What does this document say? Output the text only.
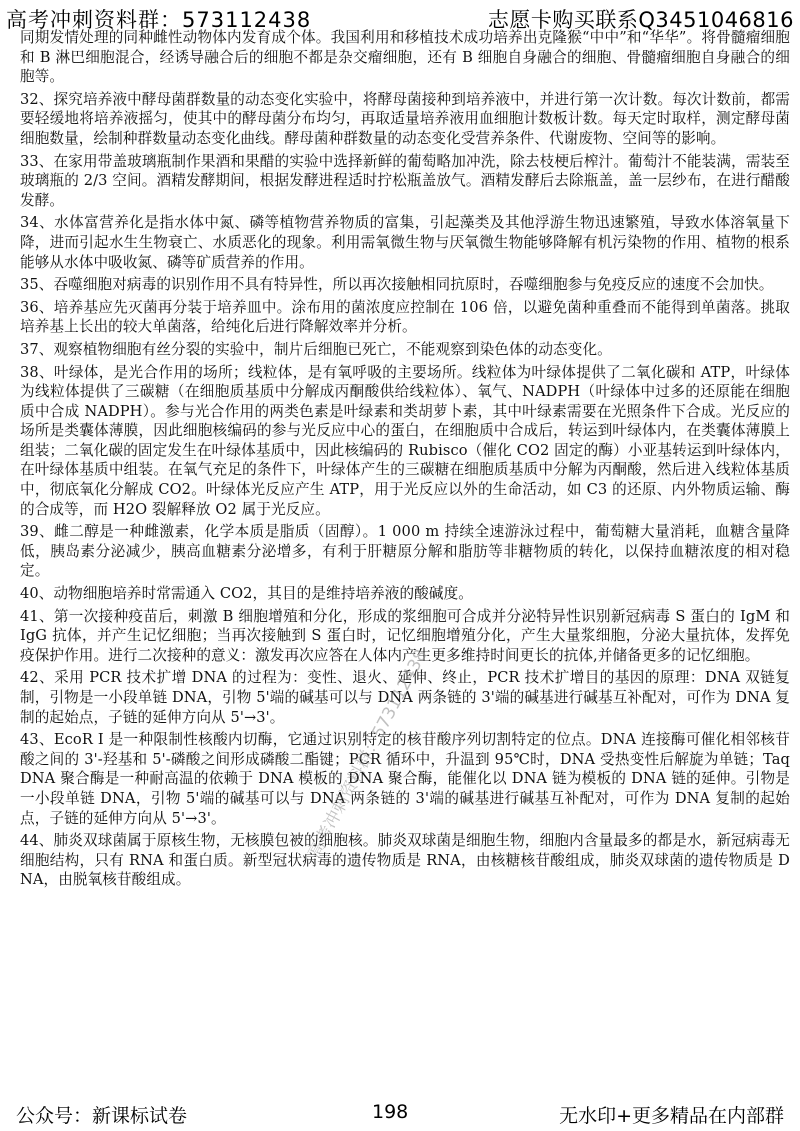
高考冲刺资料群：573112438	志愿卡购买联系Q3451046816

同期发情处理的同种雌性动物体内发育成个体。我国利用和移植技术成功培养出克隆猴“中中”和“华华”。将骨髓瘤细胞和 B 淋巴细胞混合，经诱导融合后的细胞不都是杂交瘤细胞，还有 B 细胞自身融合的细胞、骨髓瘤细胞自身融合的细胞等。

32、探究培养液中酵母菌群数量的动态变化实验中，将酵母菌接种到培养液中，并进行第一次计数。每次计数前，都需要轻缓地将培养液摇匀，使其中的酵母菌分布均匀，再取适量培养液用血细胞计数板计数。每天定时取样，测定酵母菌细胞数量，绘制种群数量动态变化曲线。酵母菌种群数量的动态变化受营养条件、代谢废物、空间等的影响。

33、在家用带盖玻璃瓶制作果酒和果醋的实验中选择新鲜的葡萄略加冲洗，除去枝梗后榨汁。葡萄汁不能装满，需装至玻璃瓶的 2/3 空间。酒精发酵期间，根据发酵进程适时拧松瓶盖放气。酒精发酵后去除瓶盖，盖一层纱布，在进行醋酸发酵。

34、水体富营养化是指水体中氮、磷等植物营养物质的富集，引起藻类及其他浮游生物迅速繁殖，导致水体溶氧量下降，进而引起水生生物衰亡、水质恶化的现象。利用需氧微生物与厌氧微生物能够降解有机污染物的作用、植物的根系能够从水体中吸收氮、磷等矿质营养的作用。

35、吞噬细胞对病毒的识别作用不具有特异性，所以再次接触相同抗原时，吞噬细胞参与免疫反应的速度不会加快。

36、培养基应先灭菌再分装于培养皿中。涂布用的菌浓度应控制在 106 倍，以避免菌种重叠而不能得到单菌落。挑取培养基上长出的较大单菌落，给纯化后进行降解效率并分析。

37、观察植物细胞有丝分裂的实验中，制片后细胞已死亡，不能观察到染色体的动态变化。

38、叶绿体，是光合作用的场所；线粒体，是有氧呼吸的主要场所。线粒体为叶绿体提供了二氧化碳和 ATP，叶绿体为线粒体提供了三碳糖（在细胞质基质中分解成丙酮酸供给线粒体）、氧气、NADPH（叶绿体中过多的还原能在细胞质中合成 NADPH）。参与光合作用的两类色素是叶绿素和类胡萝卜素，其中叶绿素需要在光照条件下合成。光反应的场所是类囊体薄膜，因此细胞核编码的参与光反应中心的蛋白，在细胞质中合成后，转运到叶绿体内，在类囊体薄膜上组装；二氧化碳的固定发生在叶绿体基质中，因此核编码的 Rubisco（催化 CO2 固定的酶）小亚基转运到叶绿体内，在叶绿体基质中组装。在氧气充足的条件下，叶绿体产生的三碳糖在细胞质基质中分解为丙酮酸，然后进入线粒体基质中，彻底氧化分解成 CO2。叶绿体光反应产生 ATP，用于光反应以外的生命活动，如 C3 的还原、内外物质运输、酶的合成等，而 H2O 裂解释放 O2 属于光反应。

39、雌二醇是一种雌激素，化学本质是脂质（固醇）。1 000 m 持续全速游泳过程中，葡萄糖大量消耗，血糖含量降低，胰岛素分泌减少，胰高血糖素分泌增多，有利于肝糖原分解和脂肪等非糖物质的转化，以保持血糖浓度的相对稳定。

40、动物细胞培养时常需通入 CO2，其目的是维持培养液的酸碱度。

41、第一次接种疫苗后，刺激 B 细胞增殖和分化，形成的浆细胞可合成并分泌特异性识别新冠病毒 S 蛋白的 IgM 和 IgG 抗体，并产生记忆细胞；当再次接触到 S 蛋白时，记忆细胞增殖分化，产生大量浆细胞，分泌大量抗体，发挥免疫保护作用。进行二次接种的意义：激发再次应答在人体内产生更多维持时间更长的抗体,并储备更多的记忆细胞。

42、采用 PCR 技术扩增 DNA 的过程为：变性、退火、延伸、终止，PCR 技术扩增目的基因的原理：DNA 双链复制，引物是一小段单链 DNA，引物 5'端的碱基可以与 DNA 两条链的 3'端的碱基进行碱基互补配对，可作为 DNA 复制的起始点，子链的延伸方向从 5'→3'。

43、EcoR I 是一种限制性核酸内切酶，它通过识别特定的核苷酸序列切割特定的位点。DNA 连接酶可催化相邻核苷酸之间的 3'-羟基和 5'-磷酸之间形成磷酸二酯键；PCR 循环中，升温到 95℃时，DNA 受热变性后解旋为单链；Taq DNA 聚合酶是一种耐高温的依赖于 DNA 模板的 DNA 聚合酶，能催化以 DNA 链为模板的 DNA 链的延伸。引物是一小段单链 DNA，引物 5'端的碱基可以与 DNA 两条链的 3'端的碱基进行碱基互补配对，可作为 DNA 复制的起始点，子链的延伸方向从 5'→3'。

44、肺炎双球菌属于原核生物，无核膜包被的细胞核。肺炎双球菌是细胞生物，细胞内含量最多的都是水，新冠病毒无细胞结构，只有 RNA 和蛋白质。新型冠状病毒的遗传物质是 RNA，由核糖核苷酸组成，肺炎双球菌的遗传物质是 DNA，由脱氧核苷酸组成。

高考冲刺资料群：573112438
公众号：新课标试卷	198	无水印+更多精品在内部群
